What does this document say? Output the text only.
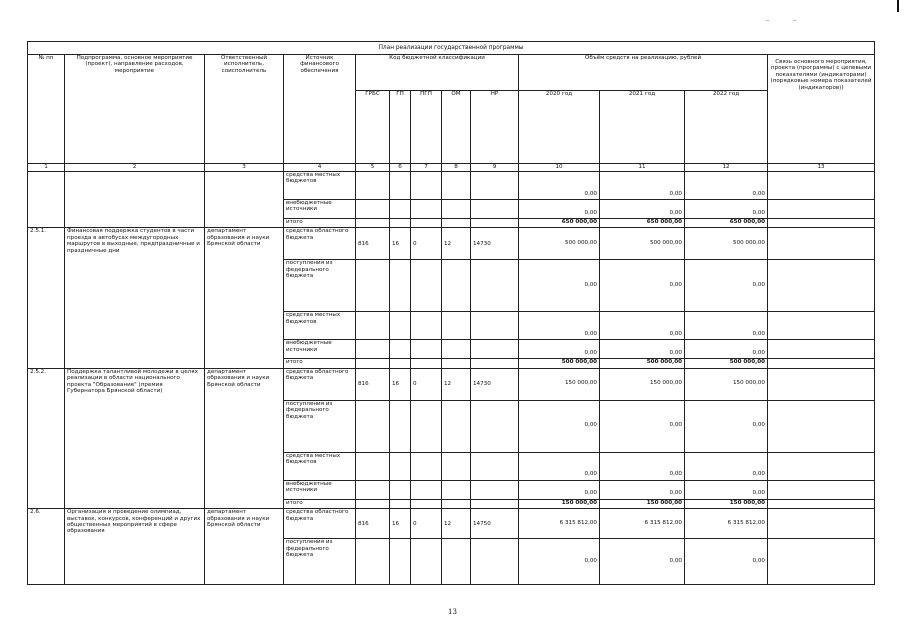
План реализации государственной программы												
№ пп	Подпрограмма, основное мероприятие (проект), направление расходов, мероприятие	Ответственный исполнитель, соисполнитель	Источник финансового обеспечения	Код бюджетной классификации					Объём средств на реализацию, рублей			Связь основного мероприятия, проекта (программы) с целевыми показателями (индикаторами) (порядковые номера показателей (индикаторов))
				ГРБС	ГП	ПГП	ОМ	НР	2020 год	2021 год	2022 год	
1	2	3	4	5	6	7	8	9	10	11	12	13
			средства местных бюджетов						0,00	0,00	0,00	
			внебюджетные источники						0,00	0,00	0,00	
			итого						650 000,00	650 000,00	650 000,00	
2.5.1.	Финансовая поддержка студентов в части проезда в автобусах междугородных маршрутов в выходные, предпраздничные и праздничные дни	департамент образования и науки Брянской области	средства областного бюджета	816	16	0	12	14730	500 000,00	500 000,00	500 000,00	
			поступления из федерального бюджета						0,00	0,00	0,00	
			средства местных бюджетов						0,00	0,00	0,00	
			внебюджетные источники						0,00	0,00	0,00	
			итого						500 000,00	500 000,00	500 000,00	
2.5.2.	Поддержка талантливой молодежи в целях реализации в области национального проекта "Образование" (премия Губернатора Брянской области)	департамент образования и науки Брянской области	средства областного бюджета	816	16	0	12	14730	150 000,00	150 000,00	150 000,00	
			поступления из федерального бюджета						0,00	0,00	0,00	
			средства местных бюджетов						0,00	0,00	0,00	
			внебюджетные источники						0,00	0,00	0,00	
			итого						150 000,00	150 000,00	150 000,00	
2.6.	Организация и проведение олимпиад, выставок, конкурсов, конференций и других общественных мероприятий в сфере образования	департамент образования и науки Брянской области	средства областного бюджета	816	16	0	12	14750	6 315 812,00	6 315 812,00	6 315 812,00	
			поступления из федерального бюджета						0,00	0,00	0,00	
13
